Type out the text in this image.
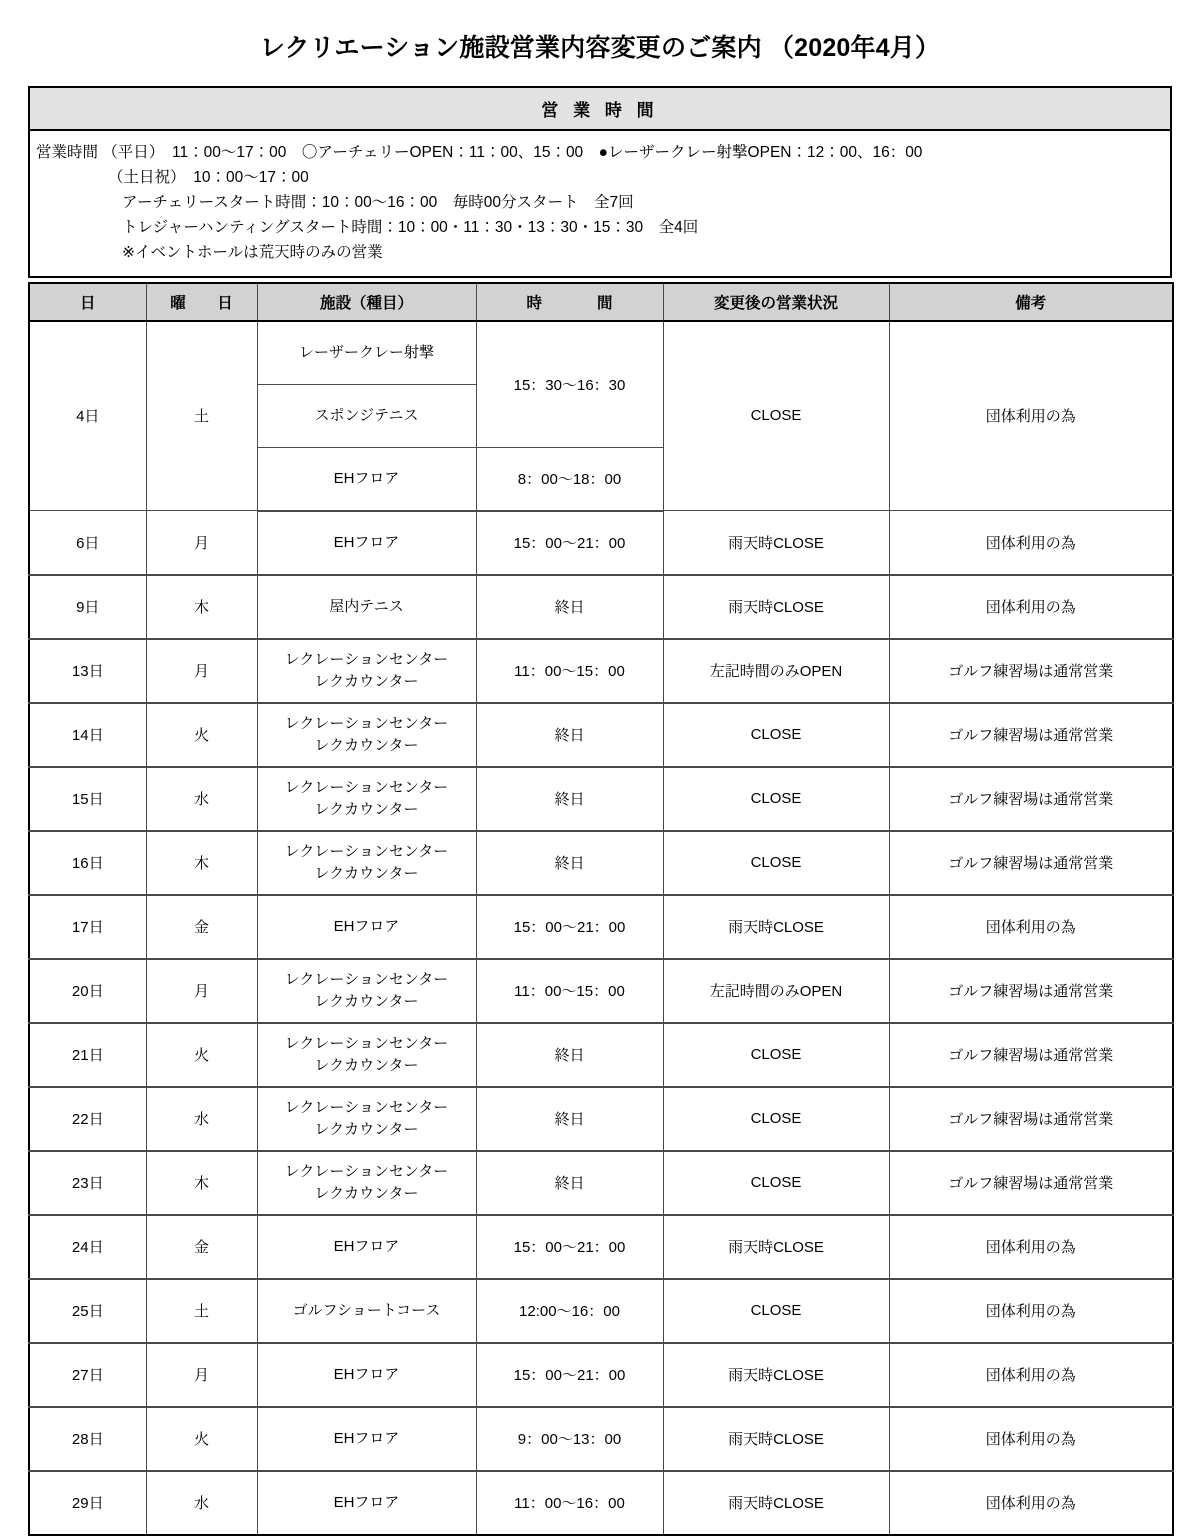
レクリエーション施設営業内容変更のご案内 （2020年4月）
営 業 時 間
営業時間 （平日）　11：00〜17：00　〇アーチェリーOPEN：11：00、15：00　●レーザークレー射撃OPEN：12：00、16：00
（土日祝）　10：00〜17：00
アーチェリースタート時間：10：00〜16：00　毎時00分スタート　全7回
トレジャーハンティングスタート時間：10：00・11：30・13：30・15：30　全4回
※イベントホールは荒天時のみの営業
日	曜　日	施設（種目）	時　　間	変更後の営業状況	備考
4日	土	レーザークレー射撃	15：30〜16：30	CLOSE	団体利用の為
		スポンジテニス			
		EHフロア	8：00〜18：00		
6日	月	EHフロア	15：00〜21：00	雨天時CLOSE	団体利用の為
9日	木	屋内テニス	終日	雨天時CLOSE	団体利用の為
13日	月	レクレーションセンター
レクカウンター	11：00〜15：00	左記時間のみOPEN	ゴルフ練習場は通常営業
14日	火	レクレーションセンター
レクカウンター	終日	CLOSE	ゴルフ練習場は通常営業
15日	水	レクレーションセンター
レクカウンター	終日	CLOSE	ゴルフ練習場は通常営業
16日	木	レクレーションセンター
レクカウンター	終日	CLOSE	ゴルフ練習場は通常営業
17日	金	EHフロア	15：00〜21：00	雨天時CLOSE	団体利用の為
20日	月	レクレーションセンター
レクカウンター	11：00〜15：00	左記時間のみOPEN	ゴルフ練習場は通常営業
21日	火	レクレーションセンター
レクカウンター	終日	CLOSE	ゴルフ練習場は通常営業
22日	水	レクレーションセンター
レクカウンター	終日	CLOSE	ゴルフ練習場は通常営業
23日	木	レクレーションセンター
レクカウンター	終日	CLOSE	ゴルフ練習場は通常営業
24日	金	EHフロア	15：00〜21：00	雨天時CLOSE	団体利用の為
25日	土	ゴルフショートコース	12:00〜16：00	CLOSE	団体利用の為
27日	月	EHフロア	15：00〜21：00	雨天時CLOSE	団体利用の為
28日	火	EHフロア	9：00〜13：00	雨天時CLOSE	団体利用の為
29日	水	EHフロア	11：00〜16：00	雨天時CLOSE	団体利用の為
